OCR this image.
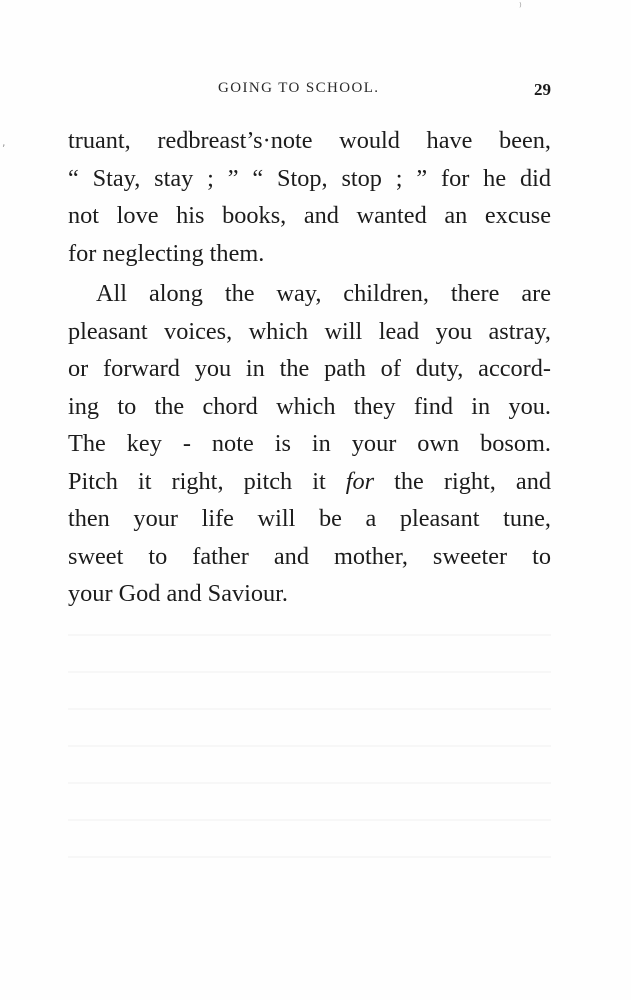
⁾
,
GOING TO SCHOOL.	29
truant, redbreast’s·note would have been,
“ Stay, stay ; ” “ Stop, stop ; ” for he did
not love his books, and wanted an excuse
for neglecting them.
All along the way, children, there are
pleasant voices, which will lead you astray,
or forward you in the path of duty, accord-
ing to the chord which they find in you.
The key - note is in your own bosom.
Pitch it right, pitch it for the right, and
then your life will be a pleasant tune,
sweet to father and mother, sweeter to
your God and Saviour.
